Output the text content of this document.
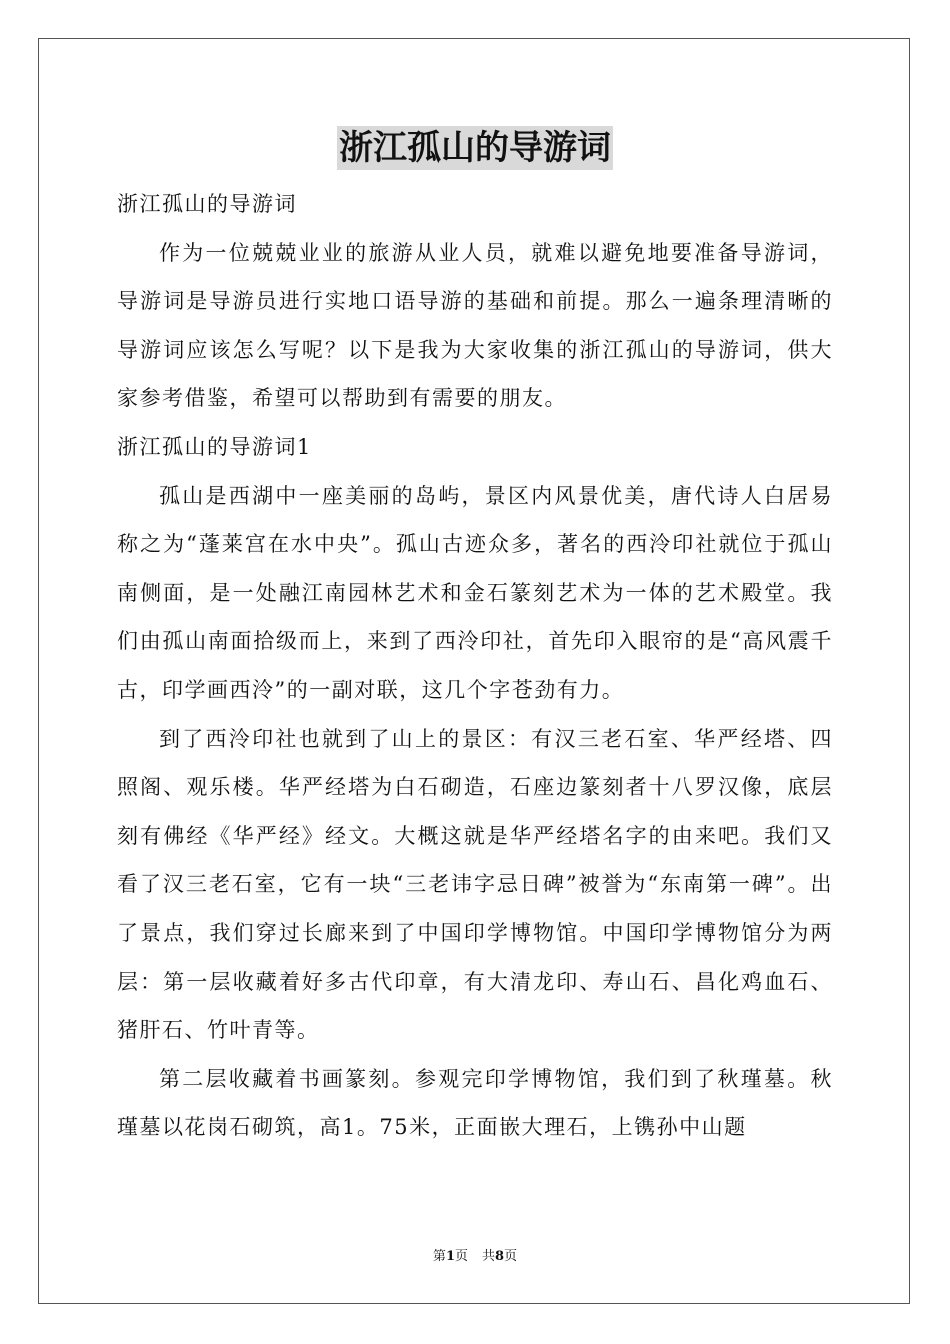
浙江孤山的导游词

浙江孤山的导游词

作为一位兢兢业业的旅游从业人员，就难以避免地要准备导游词，导游词是导游员进行实地口语导游的基础和前提。那么一遍条理清晰的导游词应该怎么写呢？以下是我为大家收集的浙江孤山的导游词，供大家参考借鉴，希望可以帮助到有需要的朋友。

浙江孤山的导游词1

孤山是西湖中一座美丽的岛屿，景区内风景优美，唐代诗人白居易称之为“蓬莱宫在水中央”。孤山古迹众多，著名的西泠印社就位于孤山南侧面，是一处融江南园林艺术和金石篆刻艺术为一体的艺术殿堂。我们由孤山南面拾级而上，来到了西泠印社，首先印入眼帘的是“高风震千古，印学画西泠”的一副对联，这几个字苍劲有力。

到了西泠印社也就到了山上的景区：有汉三老石室、华严经塔、四照阁、观乐楼。华严经塔为白石砌造，石座边篆刻者十八罗汉像，底层刻有佛经《华严经》经文。大概这就是华严经塔名字的由来吧。我们又看了汉三老石室，它有一块“三老讳字忌日碑”被誉为“东南第一碑”。出了景点，我们穿过长廊来到了中国印学博物馆。中国印学博物馆分为两层：第一层收藏着好多古代印章，有大清龙印、寿山石、昌化鸡血石、猪肝石、竹叶青等。

第二层收藏着书画篆刻。参观完印学博物馆，我们到了秋瑾墓。秋瑾墓以花岗石砌筑，高1。75米，正面嵌大理石，上镌孙中山题

第1页 共8页
